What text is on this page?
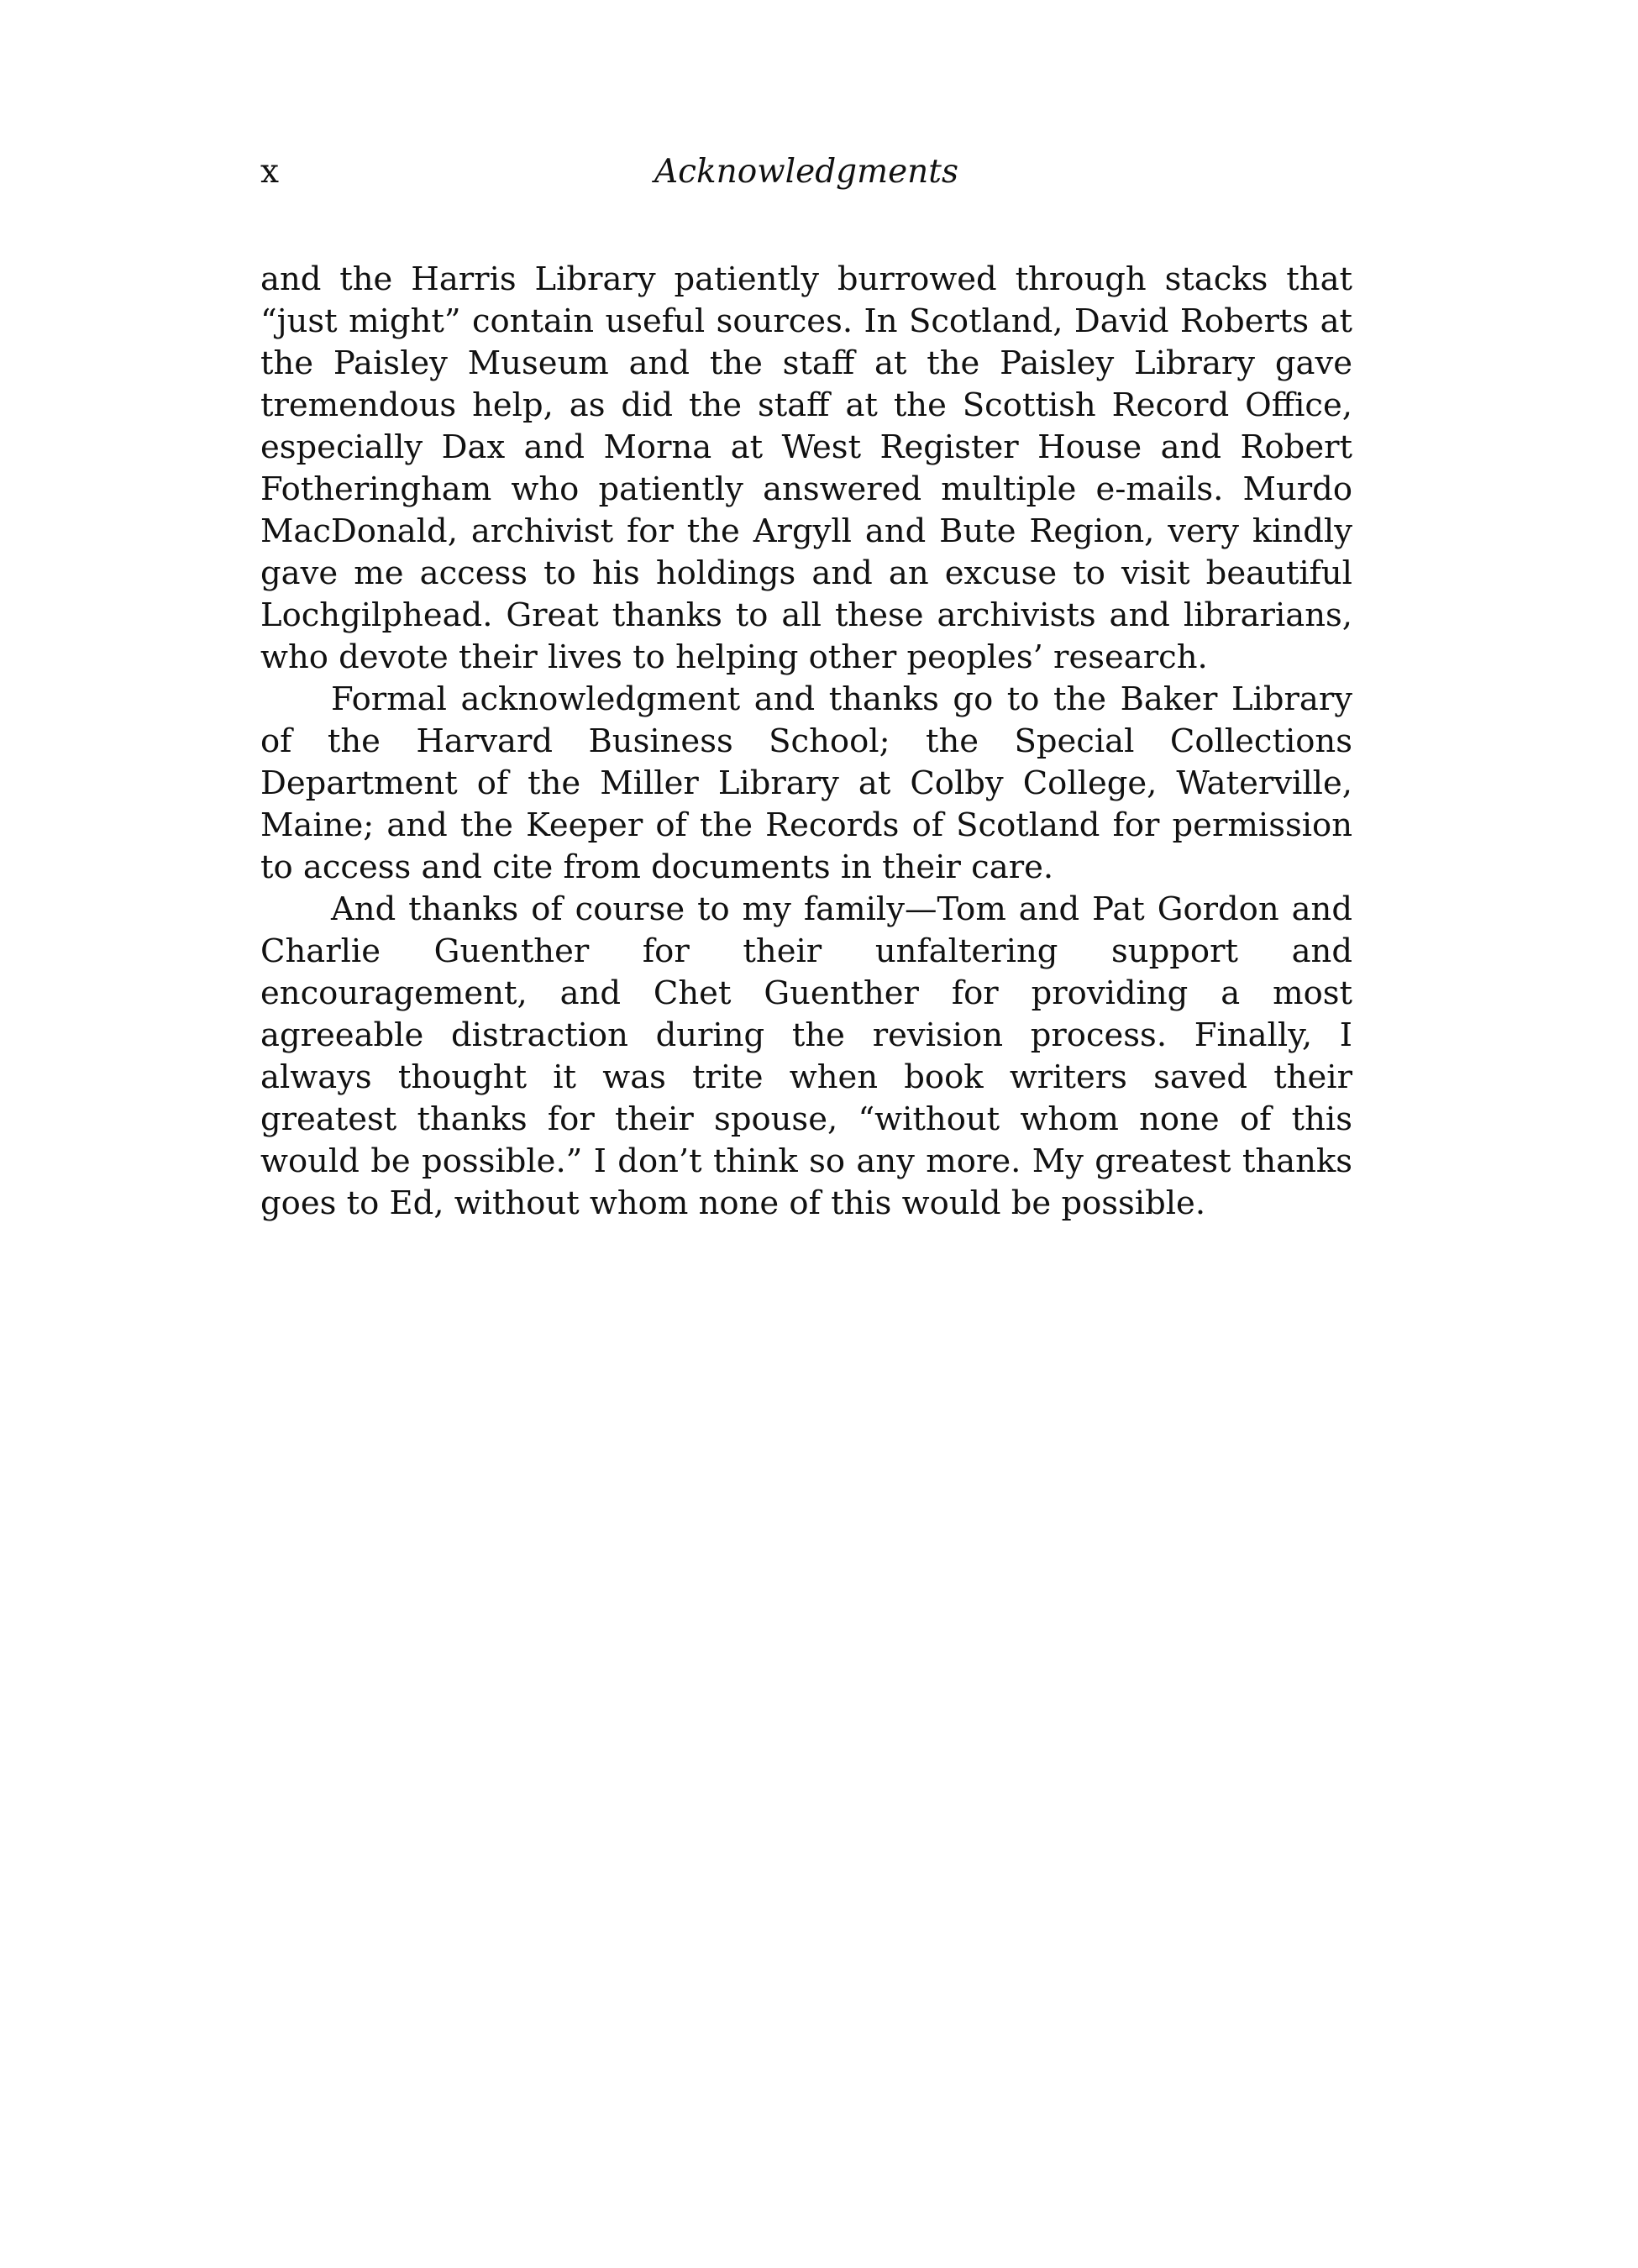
x	Acknowledgments

and the Harris Library patiently burrowed through stacks that “just might” contain useful sources. In Scotland, David Roberts at the Paisley Museum and the staff at the Paisley Library gave tremendous help, as did the staff at the Scottish Record Office, especially Dax and Morna at West Register House and Robert Fotheringham who patiently answered multiple e-mails. Murdo MacDonald, archivist for the Argyll and Bute Region, very kindly gave me access to his holdings and an excuse to visit beautiful Lochgilphead. Great thanks to all these archivists and librarians, who devote their lives to helping other peoples’ research.

Formal acknowledgment and thanks go to the Baker Library of the Harvard Business School; the Special Collections Department of the Miller Library at Colby College, Waterville, Maine; and the Keeper of the Records of Scotland for permission to access and cite from documents in their care.

And thanks of course to my family—Tom and Pat Gordon and Charlie Guenther for their unfaltering support and encouragement, and Chet Guenther for providing a most agreeable distraction during the revision process. Finally, I always thought it was trite when book writers saved their greatest thanks for their spouse, “without whom none of this would be possible.” I don’t think so any more. My greatest thanks goes to Ed, without whom none of this would be possible.
